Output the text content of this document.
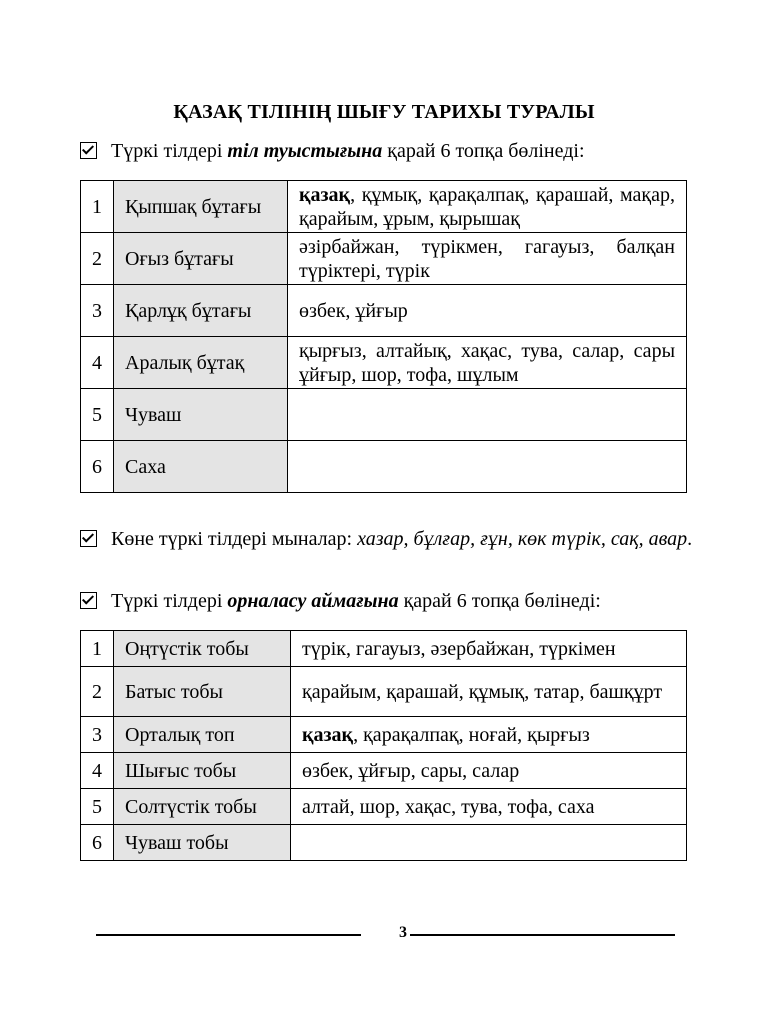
ҚАЗАҚ ТІЛІНІҢ ШЫҒУ ТАРИХЫ ТУРАЛЫ
Түркі тілдері тіл туыстығына қарай 6 топқа бөлінеді:
1	Қыпшақ бұтағы	қазақ, құмық, қарақалпақ, қарашай, мақар, қарайым, ұрым, қырышақ
2	Оғыз бұтағы	әзірбайжан, түрікмен, гагауыз, балқан түріктері, түрік
3	Қарлұқ бұтағы	өзбек, ұйғыр
4	Аралық бұтақ	қырғыз, алтайық, хақас, тува, салар, сары ұйғыр, шор, тофа, шұлым
5	Чуваш	
6	Саха	
Көне түркі тілдері мыналар: хазар, бұлғар, ғұн, көк түрік, сақ, авар.
Түркі тілдері орналасу аймағына қарай 6 топқа бөлінеді:
1	Оңтүстік тобы	түрік, гагауыз, әзербайжан, түркімен
2	Батыс тобы	қарайым, қарашай, құмық, татар, башқұрт
3	Орталық топ	қазақ, қарақалпақ, ноғай, қырғыз
4	Шығыс тобы	өзбек, ұйғыр, сары, салар
5	Солтүстік тобы	алтай, шор, хақас, тува, тофа, саха
6	Чуваш тобы	
3
